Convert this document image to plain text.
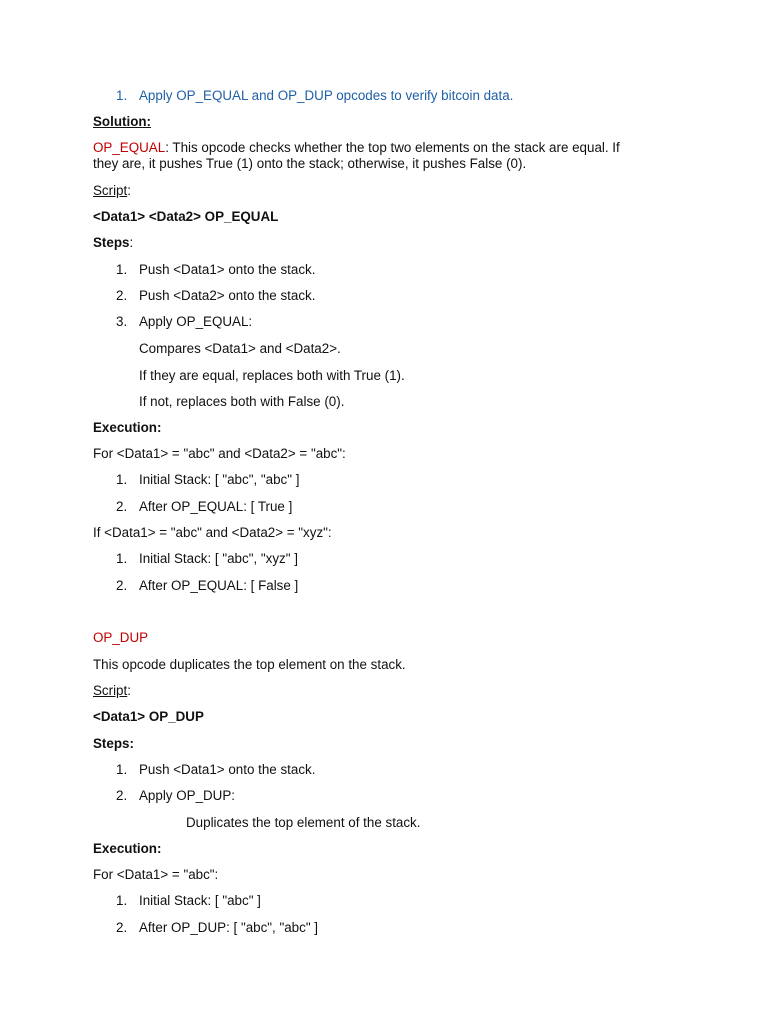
1. Apply OP_EQUAL and OP_DUP opcodes to verify bitcoin data.
Solution:
OP_EQUAL: This opcode checks whether the top two elements on the stack are equal. If
they are, it pushes True (1) onto the stack; otherwise, it pushes False (0).
Script:
<Data1> <Data2> OP_EQUAL
Steps:
1. Push <Data1> onto the stack.
2. Push <Data2> onto the stack.
3. Apply OP_EQUAL:
Compares <Data1> and <Data2>.
If they are equal, replaces both with True (1).
If not, replaces both with False (0).
Execution:
For <Data1> = "abc" and <Data2> = "abc":
1. Initial Stack: [ "abc", "abc" ]
2. After OP_EQUAL: [ True ]
If <Data1> = "abc" and <Data2> = "xyz":
1. Initial Stack: [ "abc", "xyz" ]
2. After OP_EQUAL: [ False ]
OP_DUP
This opcode duplicates the top element on the stack.
Script:
<Data1> OP_DUP
Steps:
1. Push <Data1> onto the stack.
2. Apply OP_DUP:
Duplicates the top element of the stack.
Execution:
For <Data1> = "abc":
1. Initial Stack: [ "abc" ]
2. After OP_DUP: [ "abc", "abc" ]
